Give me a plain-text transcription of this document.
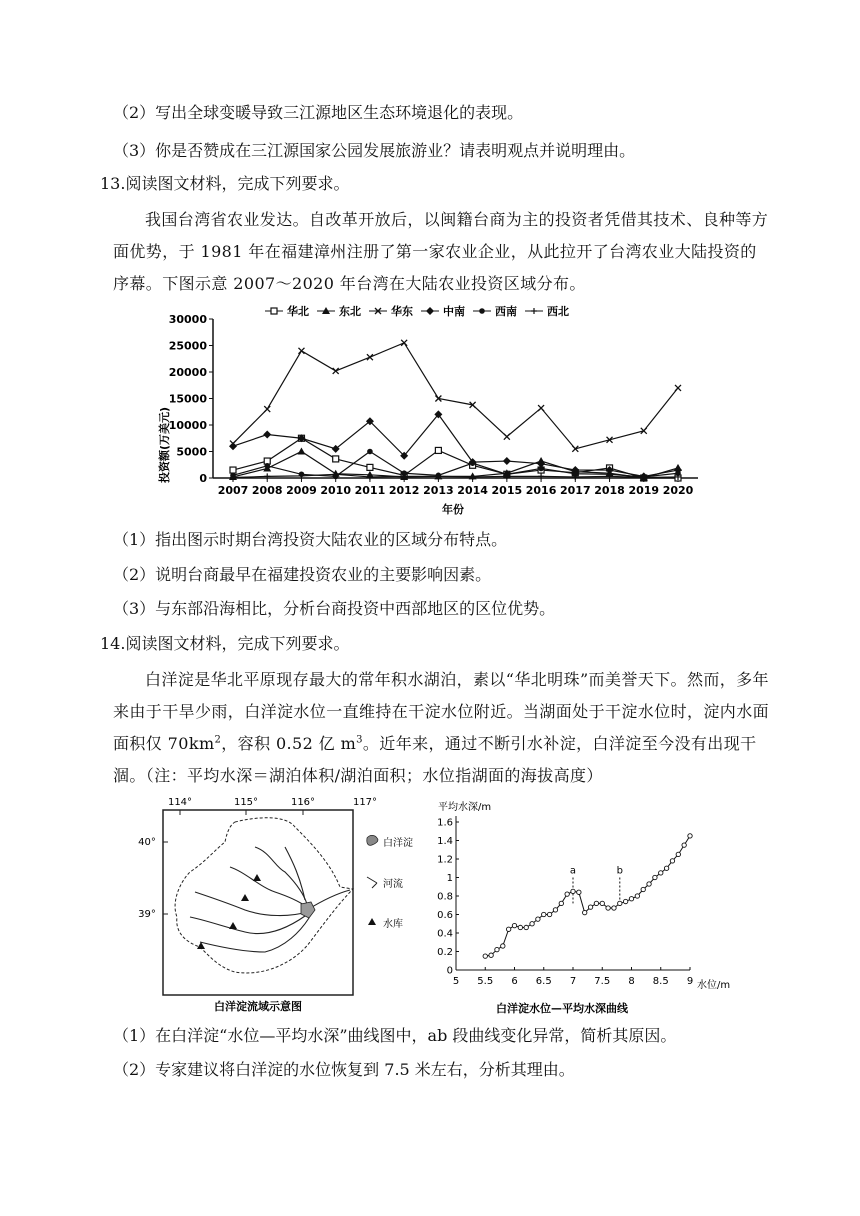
（2）写出全球变暖导致三江源地区生态环境退化的表现。
（3）你是否赞成在三江源国家公园发展旅游业？请表明观点并说明理由。
13.阅读图文材料，完成下列要求。
我国台湾省农业发达。自改革开放后，以闽籍台商为主的投资者凭借其技术、良种等方面优势，于 1981 年在福建漳州注册了第一家农业企业，从此拉开了台湾农业大陆投资的序幕。下图示意 2007～2020 年台湾在大陆农业投资区域分布。
华北	东北	华东	中南	西南	西北
0
5000
10000
15000
20000
25000
30000
2007 2008 2009 2010 2011 2012 2013 2014 2015 2016 2017 2018 2019 2020
投资额(万美元)
年份
（1）指出图示时期台湾投资大陆农业的区域分布特点。
（2）说明台商最早在福建投资农业的主要影响因素。
（3）与东部沿海相比，分析台商投资中西部地区的区位优势。
14.阅读图文材料，完成下列要求。
白洋淀是华北平原现存最大的常年积水湖泊，素以“华北明珠”而美誉天下。然而，多年来由于干旱少雨，白洋淀水位一直维持在干淀水位附近。当湖面处于干淀水位时，淀内水面面积仅 $70km^2$，容积 0.52 亿 $m^3$。近年来，通过不断引水补淀，白洋淀至今没有出现干涸。（注：平均水深＝湖泊体积/湖泊面积；水位指湖面的海拔高度）
114°	115°	116°	117°
40°
39°
白洋淀
河流
水库
白洋淀流域示意图
平均水深/m
0
0.2
0.4
0.6
0.8
1
1.2
1.4
1.6
5 5.5 6 6.5 7 7.5 8 8.5 9
a	b
水位/m
白洋淀水位—平均水深曲线
（1）在白洋淀“水位—平均水深”曲线图中，ab 段曲线变化异常，简析其原因。
（2）专家建议将白洋淀的水位恢复到 7.5 米左右，分析其理由。
